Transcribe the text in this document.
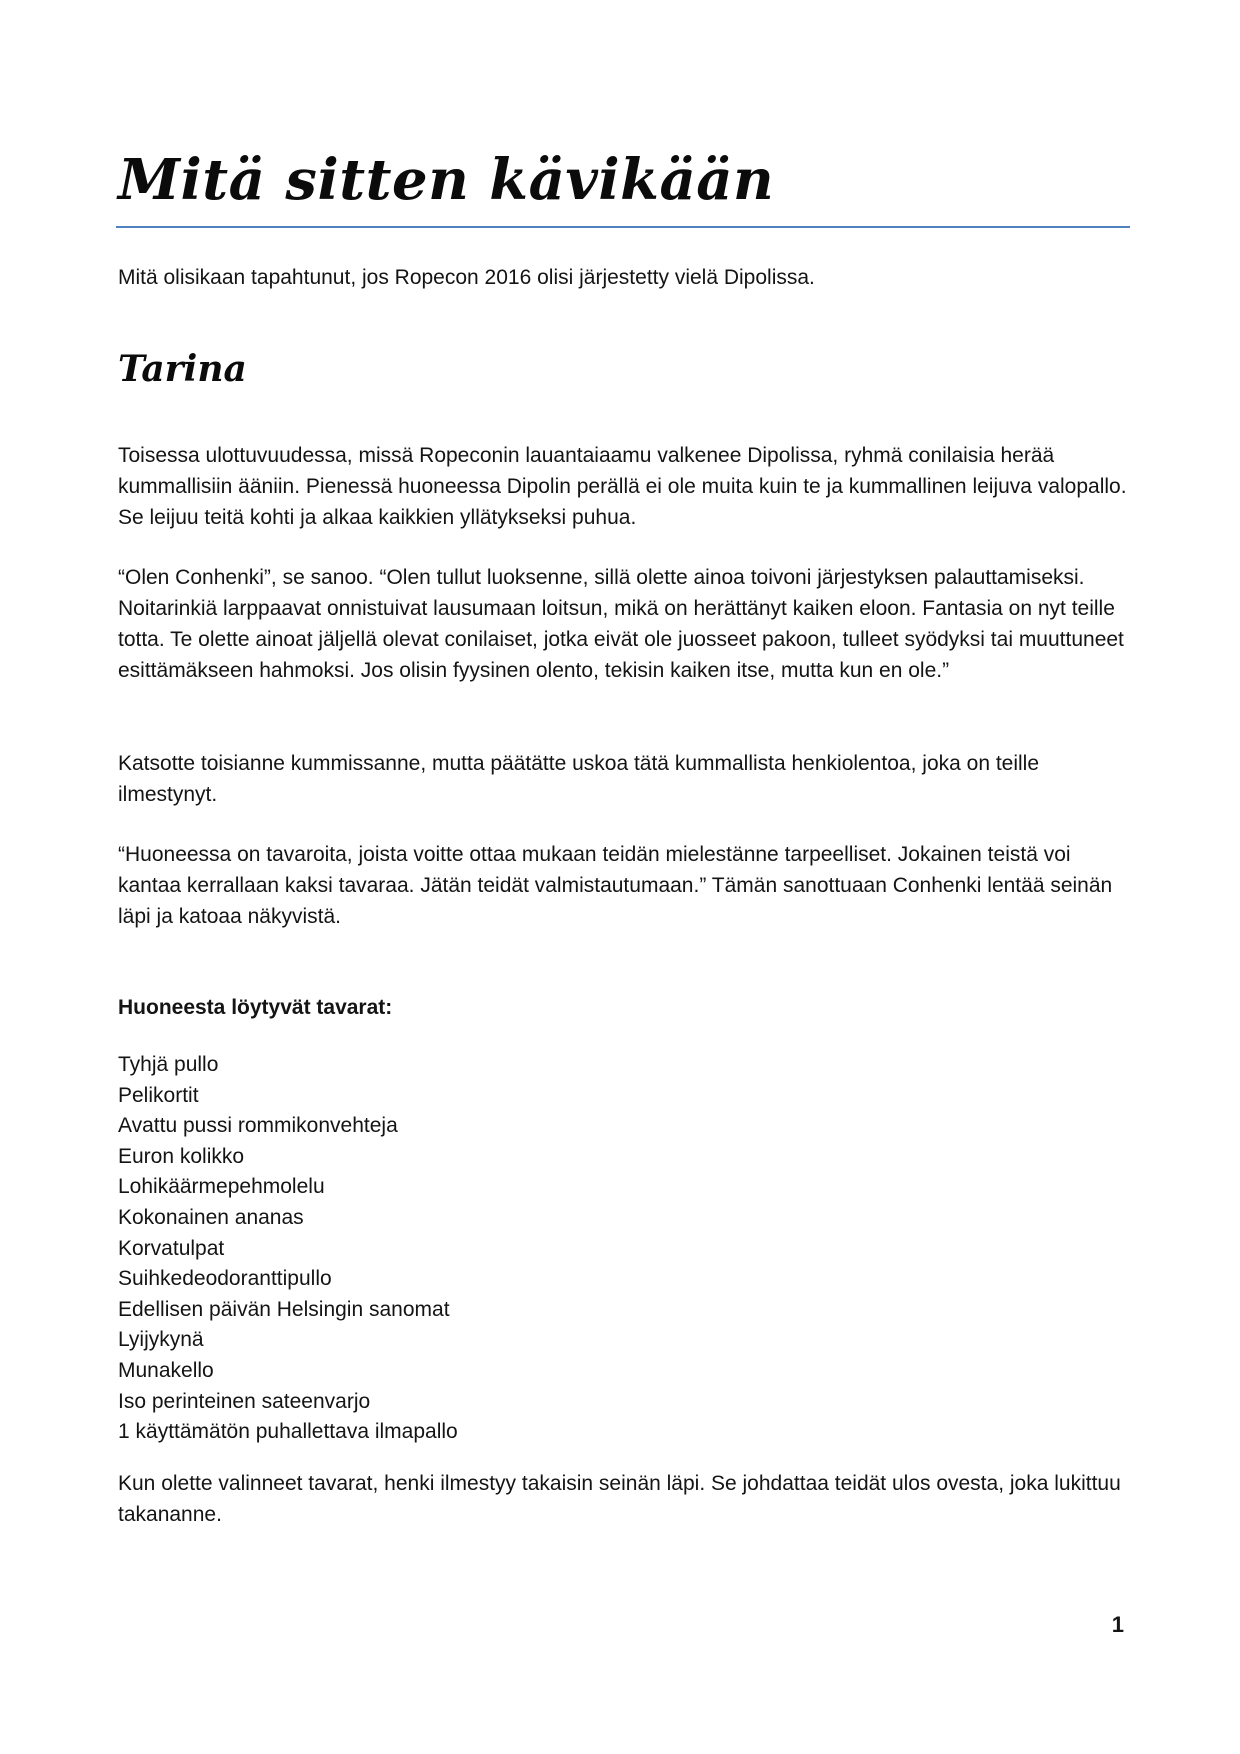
Mitä sitten kävikään

Mitä olisikaan tapahtunut, jos Ropecon 2016 olisi järjestetty vielä Dipolissa.

Tarina

Toisessa ulottuvuudessa, missä Ropeconin lauantaiaamu valkenee Dipolissa, ryhmä conilaisia herää kummallisiin ääniin. Pienessä huoneessa Dipolin perällä ei ole muita kuin te ja kummallinen leijuva valopallo. Se leijuu teitä kohti ja alkaa kaikkien yllätykseksi puhua.

“Olen Conhenki”, se sanoo. “Olen tullut luoksenne, sillä olette ainoa toivoni järjestyksen palauttamiseksi. Noitarinkiä larppaavat onnistuivat lausumaan loitsun, mikä on herättänyt kaiken eloon. Fantasia on nyt teille totta. Te olette ainoat jäljellä olevat conilaiset, jotka eivät ole juosseet pakoon, tulleet syödyksi tai muuttuneet esittämäkseen hahmoksi. Jos olisin fyysinen olento, tekisin kaiken itse, mutta kun en ole.”

Katsotte toisianne kummissanne, mutta päätätte uskoa tätä kummallista henkiolentoa, joka on teille ilmestynyt.

“Huoneessa on tavaroita, joista voitte ottaa mukaan teidän mielestänne tarpeelliset. Jokainen teistä voi kantaa kerrallaan kaksi tavaraa. Jätän teidät valmistautumaan.” Tämän sanottuaan Conhenki lentää seinän läpi ja katoaa näkyvistä.

Huoneesta löytyvät tavarat:

Tyhjä pullo
Pelikortit
Avattu pussi rommikonvehteja
Euron kolikko
Lohikäärmepehmolelu
Kokonainen ananas
Korvatulpat
Suihkedeodoranttipullo
Edellisen päivän Helsingin sanomat
Lyijykynä
Munakello
Iso perinteinen sateenvarjo
1 käyttämätön puhallettava ilmapallo

Kun olette valinneet tavarat, henki ilmestyy takaisin seinän läpi. Se johdattaa teidät ulos ovesta, joka lukittuu takananne.

1
